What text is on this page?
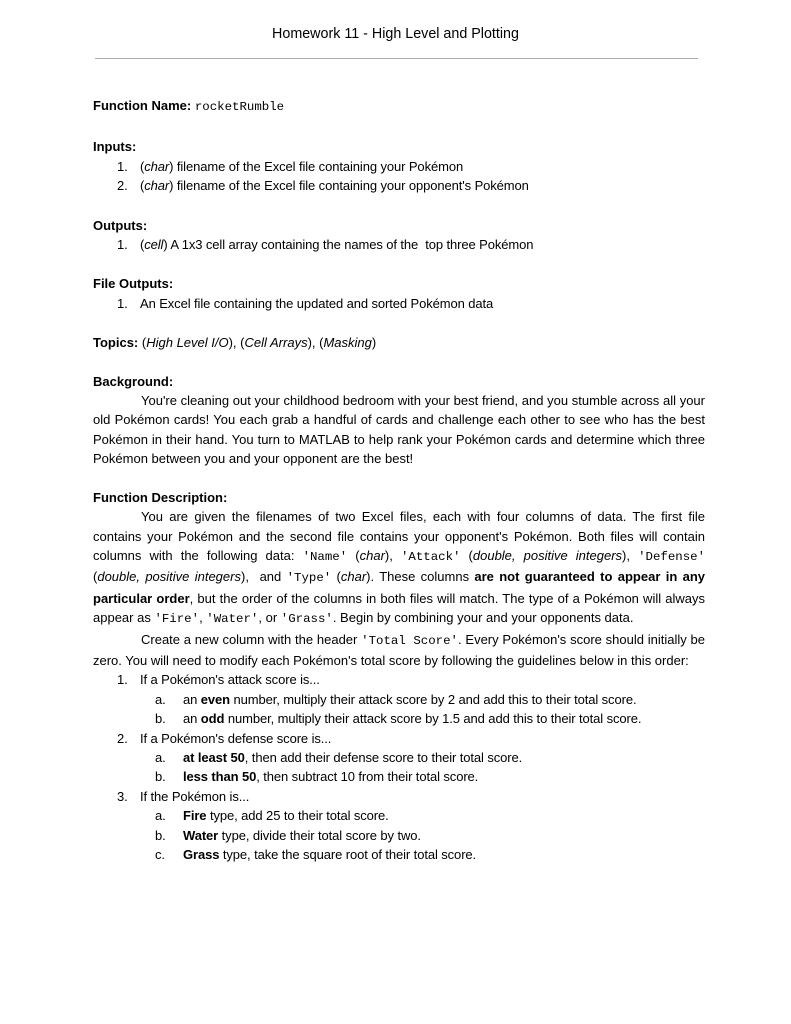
Homework 11 - High Level and Plotting

Function Name: rocketRumble

Inputs:

1. (char) filename of the Excel file containing your Pokémon
2. (char) filename of the Excel file containing your opponent's Pokémon

Outputs:

1. (cell) A 1x3 cell array containing the names of the  top three Pokémon

File Outputs:

1. An Excel file containing the updated and sorted Pokémon data

Topics: (High Level I/O), (Cell Arrays), (Masking)

Background:

You're cleaning out your childhood bedroom with your best friend, and you stumble across all your old Pokémon cards! You each grab a handful of cards and challenge each other to see who has the best Pokémon in their hand. You turn to MATLAB to help rank your Pokémon cards and determine which three Pokémon between you and your opponent are the best!

Function Description:

You are given the filenames of two Excel files, each with four columns of data. The first file contains your Pokémon and the second file contains your opponent's Pokémon. Both files will contain columns with the following data: 'Name' (char), 'Attack' (double, positive integers), 'Defense' (double, positive integers),  and 'Type' (char). These columns are not guaranteed to appear in any particular order, but the order of the columns in both files will match. The type of a Pokémon will always appear as 'Fire', 'Water', or 'Grass'. Begin by combining your and your opponents data.

Create a new column with the header 'Total Score'. Every Pokémon's score should initially be zero. You will need to modify each Pokémon's total score by following the guidelines below in this order:

1. If a Pokémon's attack score is...
a.	an even number, multiply their attack score by 2 and add this to their total score.
b.	an odd number, multiply their attack score by 1.5 and add this to their total score.
2. If a Pokémon's defense score is...
a.	at least 50, then add their defense score to their total score.
b.	less than 50, then subtract 10 from their total score.
3. If the Pokémon is...
a.	Fire type, add 25 to their total score.
b.	Water type, divide their total score by two.
c.	Grass type, take the square root of their total score.
